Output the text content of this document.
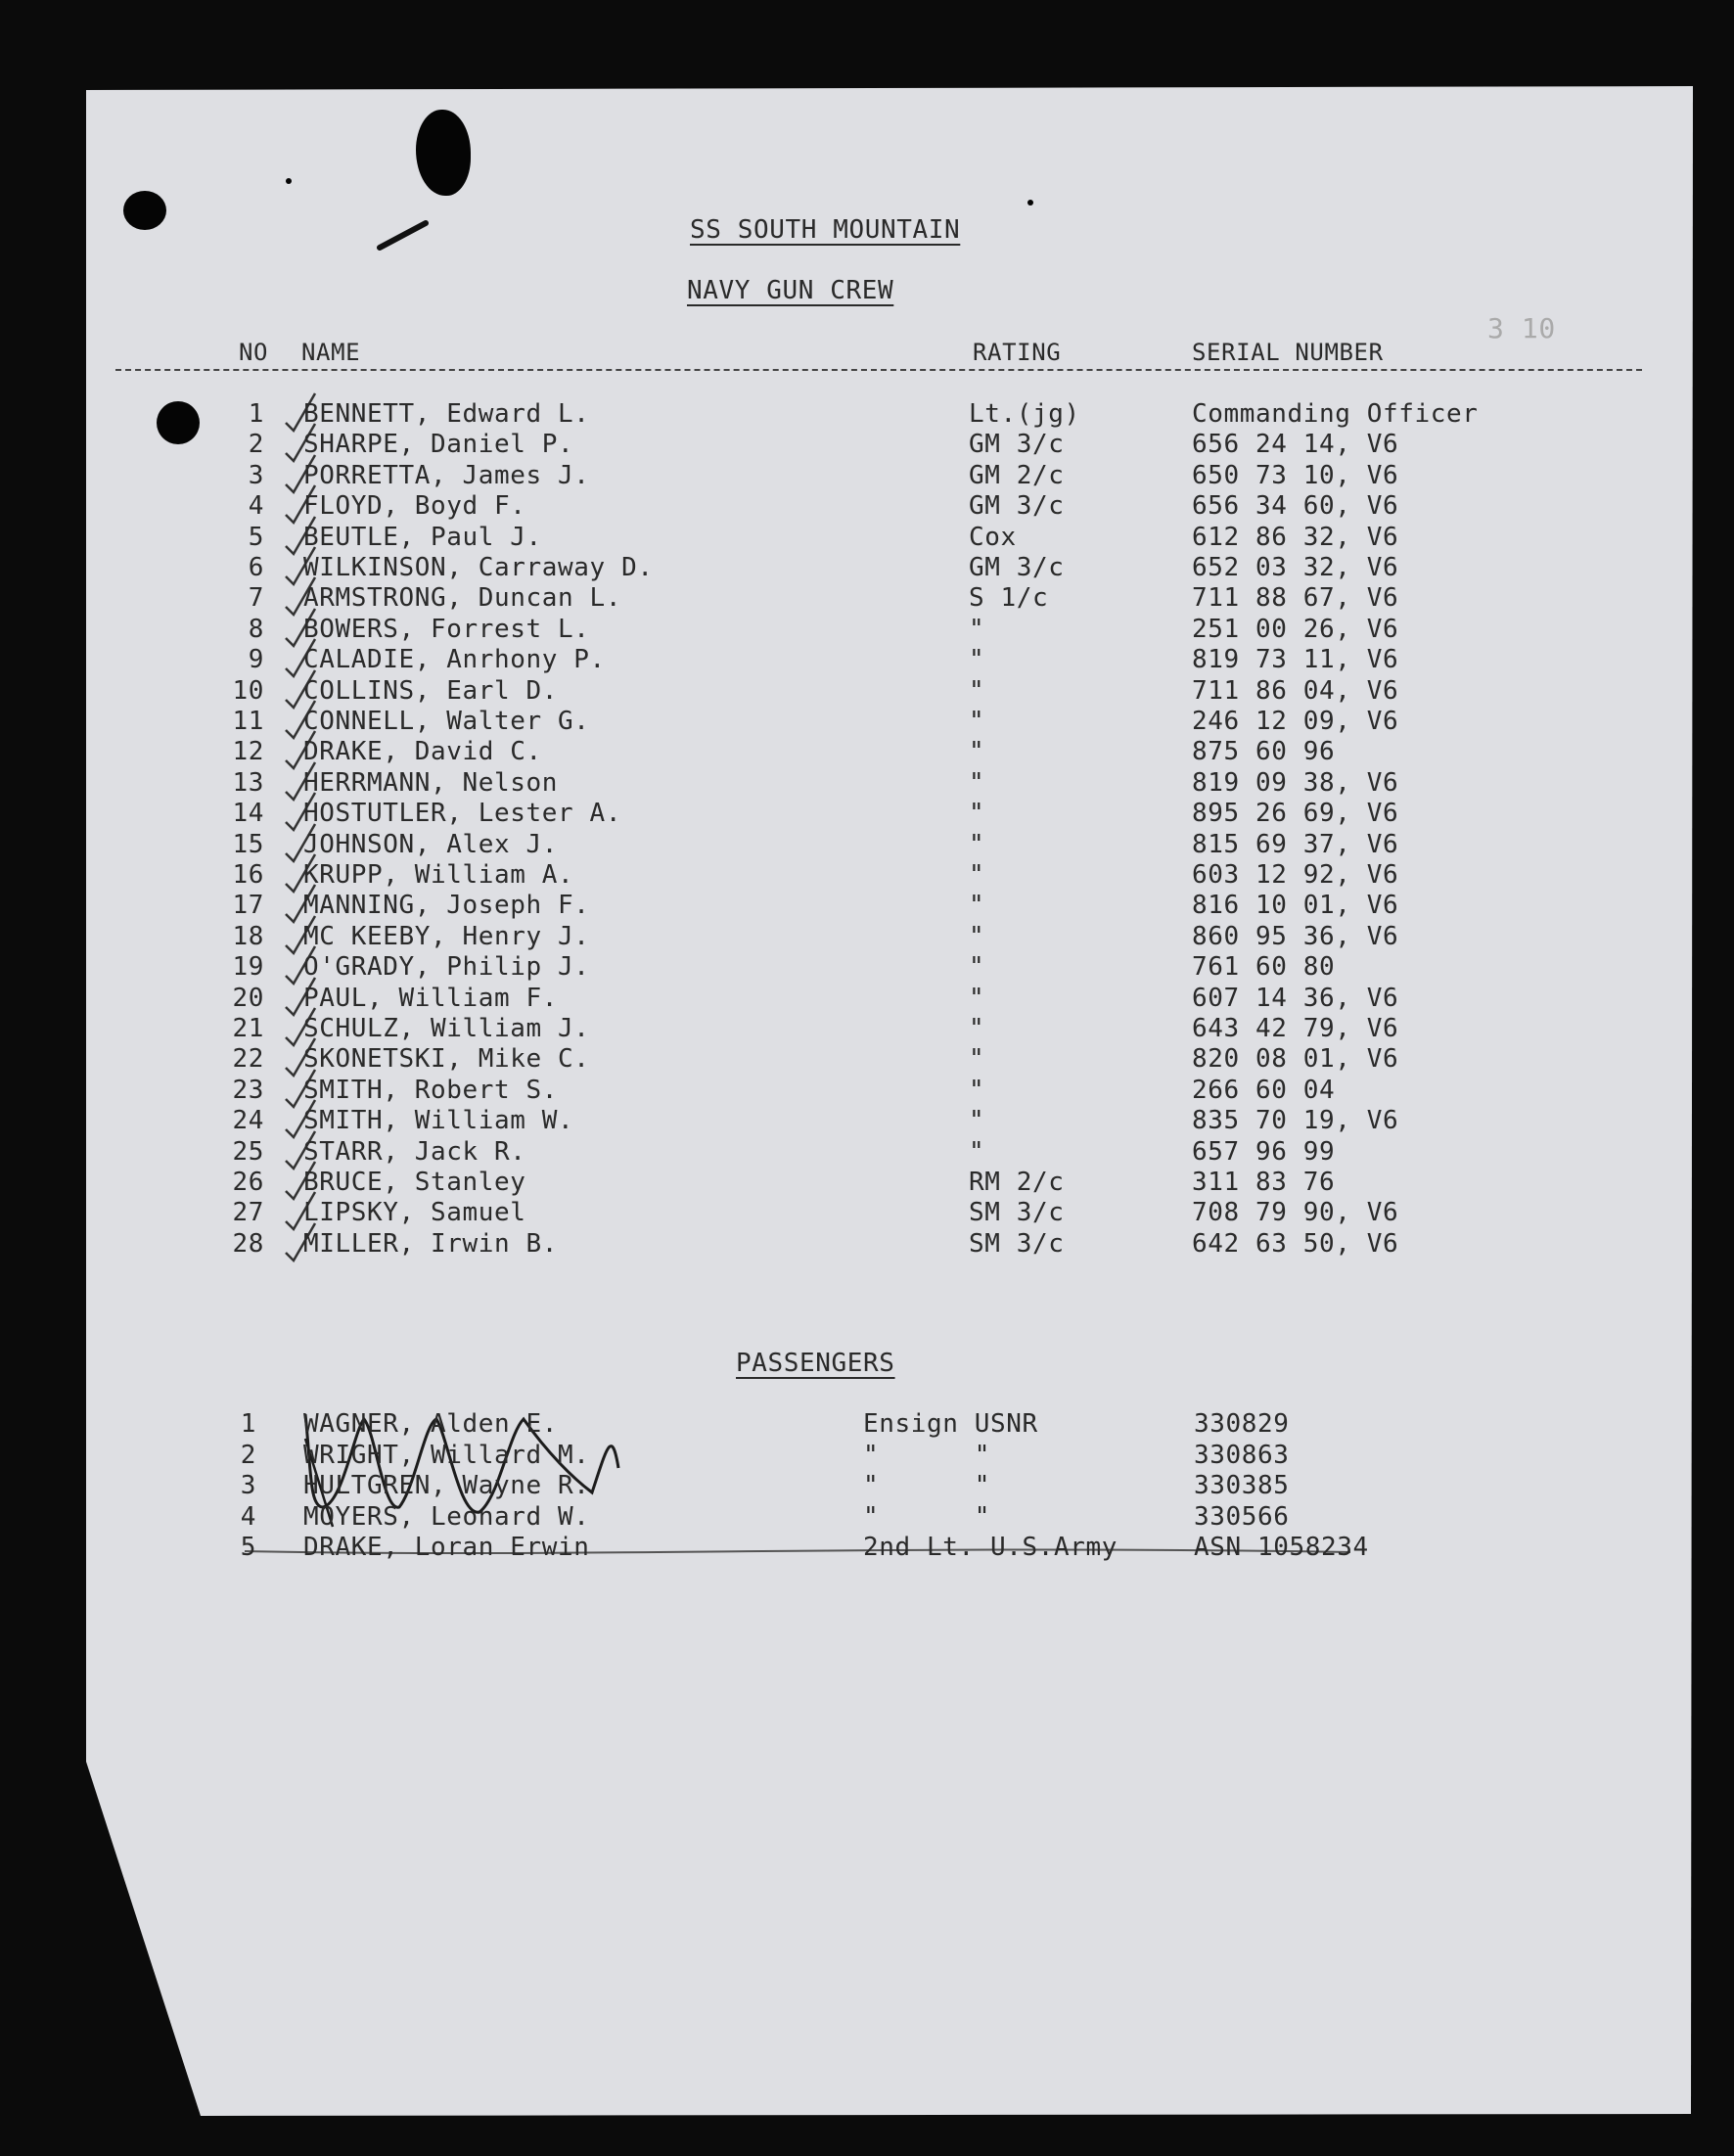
SS SOUTH MOUNTAIN
NAVY GUN CREW
3 10
NO NAME	RATING	SERIAL NUMBER
1 BENNETT, Edward L.	Lt.(jg)	Commanding Officer
2 SHARPE, Daniel P.	GM 3/c	656 24 14, V6
3 PORRETTA, James J.	GM 2/c	650 73 10, V6
4 FLOYD, Boyd F.	GM 3/c	656 34 60, V6
5 BEUTLE, Paul J.	Cox	612 86 32, V6
6 WILKINSON, Carraway D.	GM 3/c	652 03 32, V6
7 ARMSTRONG, Duncan L.	S 1/c	711 88 67, V6
8 BOWERS, Forrest L.	"	251 00 26, V6
9 CALADIE, Anrhony P.	"	819 73 11, V6
10 COLLINS, Earl D.	"	711 86 04, V6
11 CONNELL, Walter G.	"	246 12 09, V6
12 DRAKE, David C.	"	875 60 96
13 HERRMANN, Nelson	"	819 09 38, V6
14 HOSTUTLER, Lester A.	"	895 26 69, V6
15 JOHNSON, Alex J.	"	815 69 37, V6
16 KRUPP, William A.	"	603 12 92, V6
17 MANNING, Joseph F.	"	816 10 01, V6
18 MC KEEBY, Henry J.	"	860 95 36, V6
19 O'GRADY, Philip J.	"	761 60 80
20 PAUL, William F.	"	607 14 36, V6
21 SCHULZ, William J.	"	643 42 79, V6
22 SKONETSKI, Mike C.	"	820 08 01, V6
23 SMITH, Robert S.	"	266 60 04
24 SMITH, William W.	"	835 70 19, V6
25 STARR, Jack R.	"	657 96 99
26 BRUCE, Stanley	RM 2/c	311 83 76
27 LIPSKY, Samuel	SM 3/c	708 79 90, V6
28 MILLER, Irwin B.	SM 3/c	642 63 50, V6
PASSENGERS
1 WAGNER, Alden E.	Ensign USNR	330829
2 WRIGHT, Willard M.	"      "	330863
3 HULTGREN, Wayne R.	"      "	330385
4 MOYERS, Leonard W.	"      "	330566
5 DRAKE, Loran Erwin	2nd Lt. U.S.Army	ASN 1058234
